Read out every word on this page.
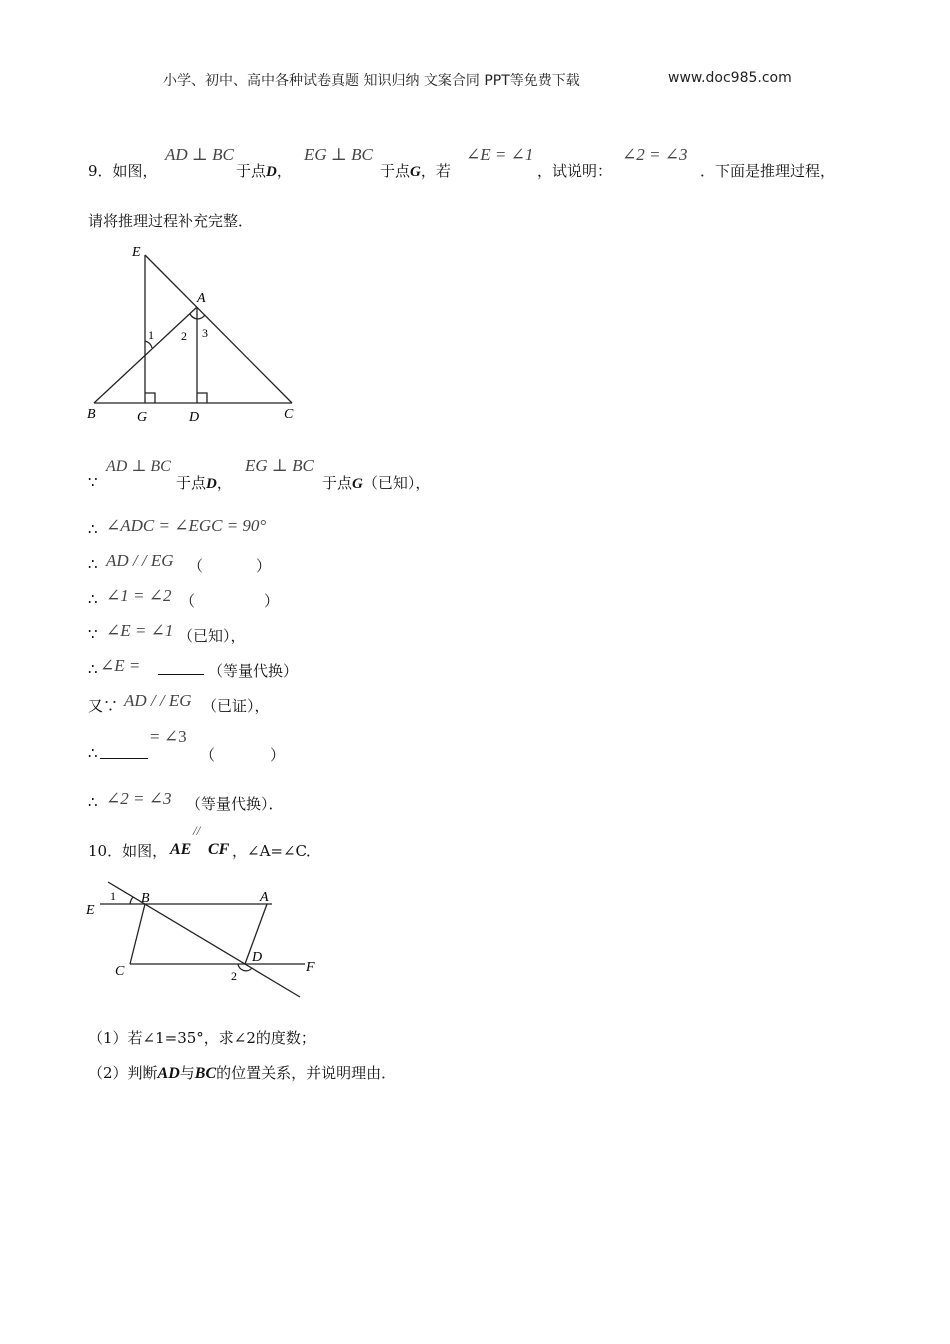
小学、初中、高中各种试卷真题 知识归纳 文案合同 PPT等免费下载	www.doc985.com
9．如图，
AD ⊥ BC
于点D，
EG ⊥ BC
于点G，若
∠E = ∠1
，试说明：
∠2 = ∠3
．下面是推理过程，
请将推理过程补充完整．
E
A
B	G	D	C
1 2 3
∵
AD ⊥ BC
于点D，
EG ⊥ BC
于点G（已知），
∴ ∠ADC = ∠EGC = 90°
∴ AD / / EG （	）
∴ ∠1 = ∠2 （	）
∵ ∠E = ∠1 （已知），
∴ ∠E =	（等量代换）
又∵ AD / / EG （已证），
∴
= ∠3
（	）
∴ ∠2 = ∠3 （等量代换）．
10．如图， AE
//
CF ，∠A=∠C
．
E
B	A
C
D
F
1
2
（1）若∠1=35°，求∠2的度数；
（2）判断AD与BC的位置关系，并说明理由．
